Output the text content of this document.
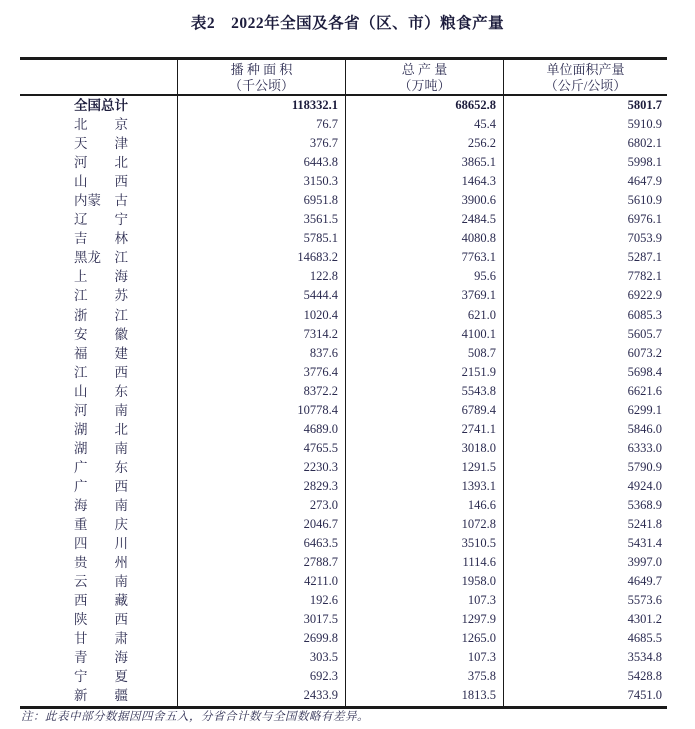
表2　2022年全国及各省（区、市）粮食产量
播 种 面 积
（千公顷）
总 产 量
（万吨）
单位面积产量
（公斤/公顷）
全国总计	118332.1	68652.8	5801.7
北　　京	76.7	45.4	5910.9
天　　津	376.7	256.2	6802.1
河　　北	6443.8	3865.1	5998.1
山　　西	3150.3	1464.3	4647.9
内蒙　古	6951.8	3900.6	5610.9
辽　　宁	3561.5	2484.5	6976.1
吉　　林	5785.1	4080.8	7053.9
黑龙　江	14683.2	7763.1	5287.1
上　　海	122.8	95.6	7782.1
江　　苏	5444.4	3769.1	6922.9
浙　　江	1020.4	621.0	6085.3
安　　徽	7314.2	4100.1	5605.7
福　　建	837.6	508.7	6073.2
江　　西	3776.4	2151.9	5698.4
山　　东	8372.2	5543.8	6621.6
河　　南	10778.4	6789.4	6299.1
湖　　北	4689.0	2741.1	5846.0
湖　　南	4765.5	3018.0	6333.0
广　　东	2230.3	1291.5	5790.9
广　　西	2829.3	1393.1	4924.0
海　　南	273.0	146.6	5368.9
重　　庆	2046.7	1072.8	5241.8
四　　川	6463.5	3510.5	5431.4
贵　　州	2788.7	1114.6	3997.0
云　　南	4211.0	1958.0	4649.7
西　　藏	192.6	107.3	5573.6
陕　　西	3017.5	1297.9	4301.2
甘　　肃	2699.8	1265.0	4685.5
青　　海	303.5	107.3	3534.8
宁　　夏	692.3	375.8	5428.8
新　　疆	2433.9	1813.5	7451.0
注：此表中部分数据因四舍五入，分省合计数与全国数略有差异。
